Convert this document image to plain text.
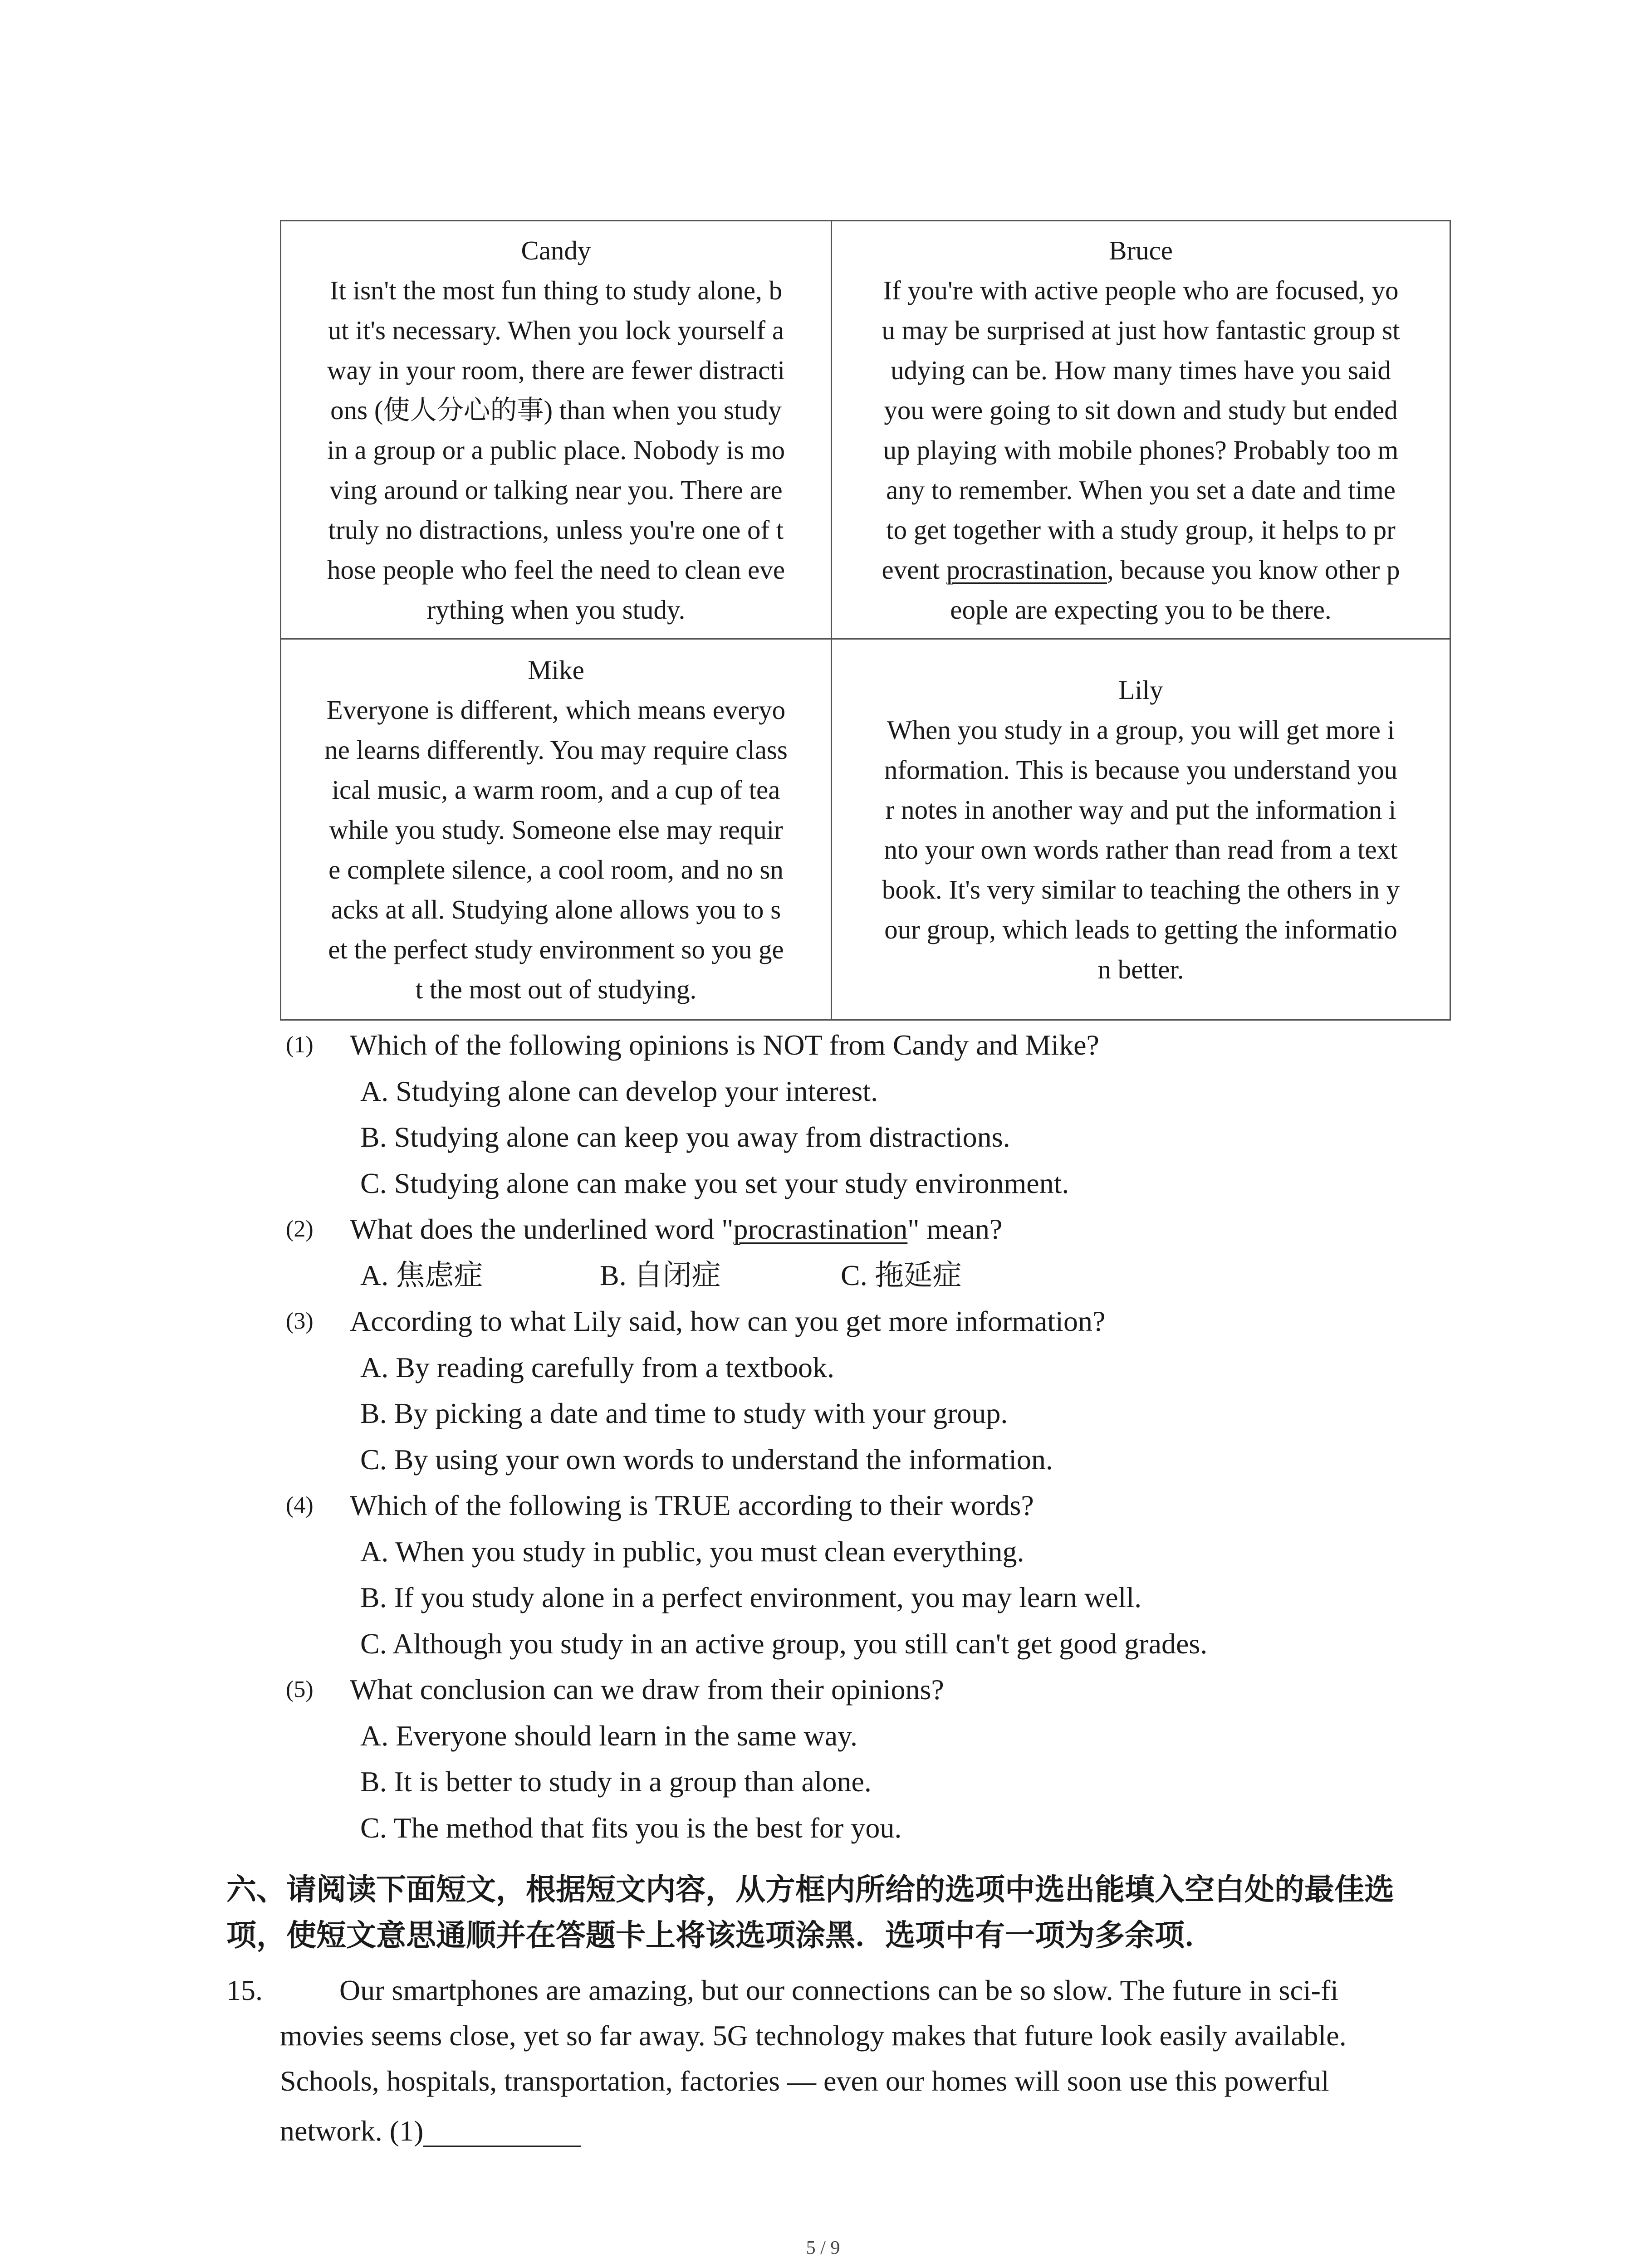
Candy
It isn't the most fun thing to study alone, b
ut it's necessary. When you lock yourself a
way in your room, there are fewer distracti
ons (使人分心的事) than when you study
in a group or a public place. Nobody is mo
ving around or talking near you. There are
truly no distractions, unless you're one of t
hose people who feel the need to clean eve
rything when you study.
Bruce
If you're with active people who are focused, yo
u may be surprised at just how fantastic group st
udying can be. How many times have you said
you were going to sit down and study but ended
up playing with mobile phones? Probably too m
any to remember. When you set a date and time
to get together with a study group, it helps to pr
event procrastination, because you know other p
eople are expecting you to be there.
Mike
Everyone is different, which means everyo
ne learns differently. You may require class
ical music, a warm room, and a cup of tea
while you study. Someone else may requir
e complete silence, a cool room, and no sn
acks at all. Studying alone allows you to s
et the perfect study environment so you ge
t the most out of studying.
Lily
When you study in a group, you will get more i
nformation. This is because you understand you
r notes in another way and put the information i
nto your own words rather than read from a text
book. It's very similar to teaching the others in y
our group, which leads to getting the informatio
n better.
(1) Which of the following opinions is NOT from Candy and Mike?
A. Studying alone can develop your interest.
B. Studying alone can keep you away from distractions.
C. Studying alone can make you set your study environment.
(2) What does the underlined word "procrastination" mean?
A. 焦虑症	B. 自闭症	C. 拖延症
(3) According to what Lily said, how can you get more information?
A. By reading carefully from a textbook.
B. By picking a date and time to study with your group.
C. By using your own words to understand the information.
(4) Which of the following is TRUE according to their words?
A. When you study in public, you must clean everything.
B. If you study alone in a perfect environment, you may learn well.
C. Although you study in an active group, you still can't get good grades.
(5) What conclusion can we draw from their opinions?
A. Everyone should learn in the same way.
B. It is better to study in a group than alone.
C. The method that fits you is the best for you.
六、请阅读下面短文，根据短文内容，从方框内所给的选项中选出能填入空白处的最佳选
项，使短文意思通顺并在答题卡上将该选项涂黑．选项中有一项为多余项．
15.	Our smartphones are amazing, but our connections can be so slow. The future in sci-fi
movies seems close, yet so far away. 5G technology makes that future look easily available.
Schools, hospitals, transportation, factories — even our homes will soon use this powerful
network. (1)
5 / 9
